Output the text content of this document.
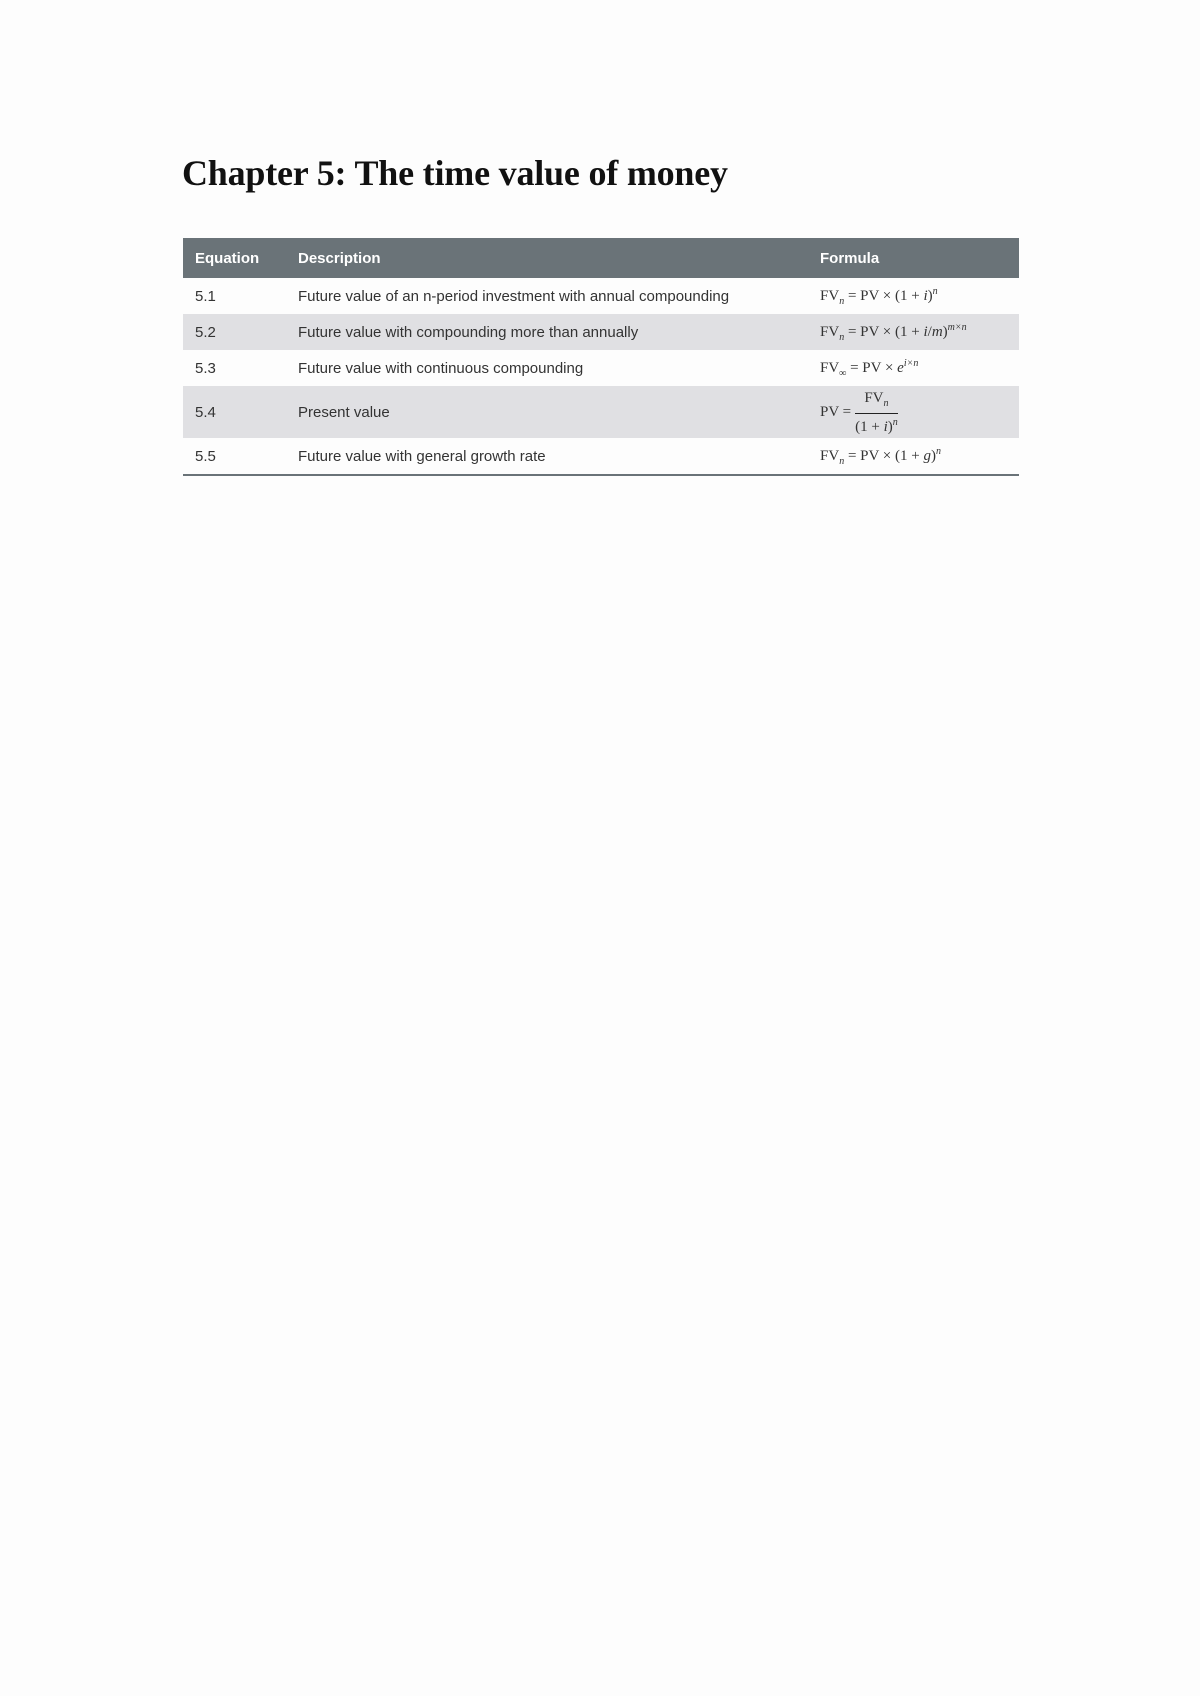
Chapter 5: The time value of money
Equation	Description	Formula
5.1	Future value of an n-period investment with annual compounding	$FV_n$ = PV × $(1 + i)^n$
5.2	Future value with compounding more than annually	$FV_n$ = PV × $(1 + i/m)^{m\times n}$
5.3	Future value with continuous compounding	$FV_\infty$ = PV × $e^{i\times n}$
5.4	Present value	PV = $\frac{FV_n}{(1 + i)^n}$

5.5	Future value with general growth rate	$FV_n$ = PV × $(1 + g)^n$
